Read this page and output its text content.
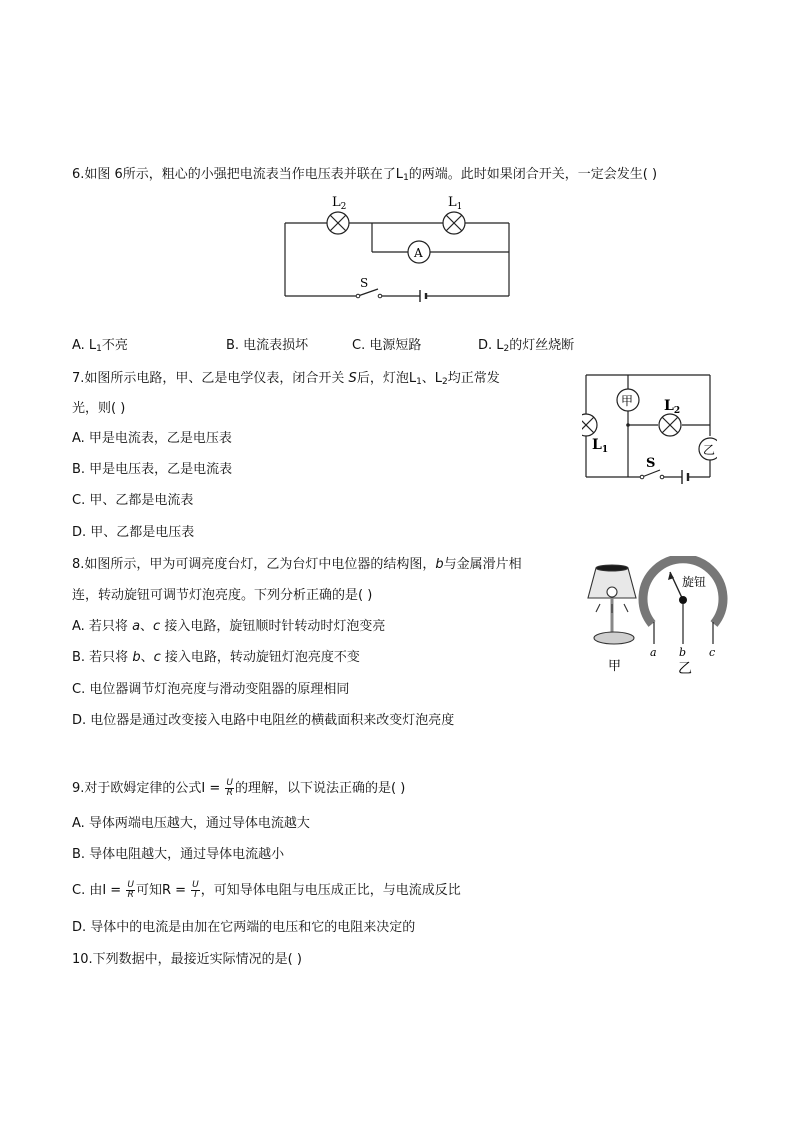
6.如图 6所示，粗心的小强把电流表当作电压表并联在了$L_1$的两端。此时如果闭合开关，一定会发生( )
$L_2$	$L_1$
A
S
A. $L_1$不亮	B. 电流表损坏	C. 电源短路	D. $L_2$的灯丝烧断
7.如图所示电路，甲、乙是电学仪表，闭合开关 S后，灯泡$L_1$、$L_2$均正常发
光，则( )
A. 甲是电流表，乙是电压表
B. 甲是电压表，乙是电流表
C. 甲、乙都是电流表
D. 甲、乙都是电压表
甲
乙
$L_2$
$L_1$
S
8.如图所示，甲为可调亮度台灯，乙为台灯中电位器的结构图，b与金属滑片相
连，转动旋钮可调节灯泡亮度。下列分析正确的是( )
A. 若只将 a、c 接入电路，旋钮顺时针转动时灯泡变亮
B. 若只将 b、c 接入电路，转动旋钮灯泡亮度不变
C. 电位器调节灯泡亮度与滑动变阻器的原理相同
D. 电位器是通过改变接入电路中电阻丝的横截面积来改变灯泡亮度
甲
旋钮
a b c
乙
9.对于欧姆定律的公式$I = \frac{U}{R}$ 的理解，以下说法正确的是( )
A. 导体两端电压越大，通过导体电流越大
B. 导体电阻越大，通过导体电流越小
C. 由$I = \frac{U}{R}$ 可知$R = \frac{U}{I}$ ，可知导体电阻与电压成正比，与电流成反比
D. 导体中的电流是由加在它两端的电压和它的电阻来决定的
10.下列数据中，最接近实际情况的是( )
